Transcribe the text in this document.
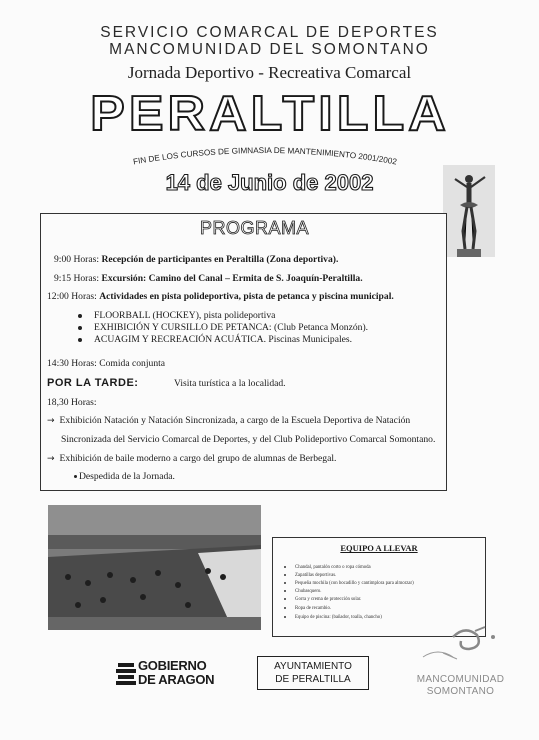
SERVICIO COMARCAL DE DEPORTES
MANCOMUNIDAD DEL SOMONTANO
Jornada Deportivo - Recreativa Comarcal
PERALTILLA
FIN DE LOS CURSOS DE GIMNASIA DE MANTENIMIENTO 2001/2002
14 de Junio de 2002
PROGRAMA
9:00 Horas: Recepción de participantes en Peraltilla (Zona deportiva).
9:15 Horas: Excursión: Camino del Canal – Ermita de S. Joaquín-Peraltilla.
12:00 Horas: Actividades en pista polideportiva, pista de petanca y piscina municipal.
FLOORBALL (HOCKEY), pista polideportiva
EXHIBICIÓN Y CURSILLO DE PETANCA: (Club Petanca Monzón).
ACUAGIM Y RECREACIÓN ACUÁTICA. Piscinas Municipales.
14:30 Horas: Comida conjunta
POR LA TARDE:	Visita turística a la localidad.
18,30 Horas:
→ Exhibición Natación y Natación Sincronizada, a cargo de la Escuela Deportiva de Natación
Sincronizada del Servicio Comarcal de Deportes, y del Club Polideportivo Comarcal Somontano.
→ Exhibición de baile moderno a cargo del grupo de alumnas de Berbegal.
Despedida de la Jornada.
EQUIPO A LLEVAR
Chandal, pantalón corto o ropa cómoda
Zapatillas deportivas.
Pequeña mochila (con bocadillo y cantimplora para almorzar)
Chubasquero.
Gorra y crema de protección solar.
Ropa de recambio.
Equipo de piscina: (bañador, toalla, chancho)
GOBIERNO
DE ARAGON
AYUNTAMIENTO
DE PERALTILLA	MANCOMUNIDAD
SOMONTANO
